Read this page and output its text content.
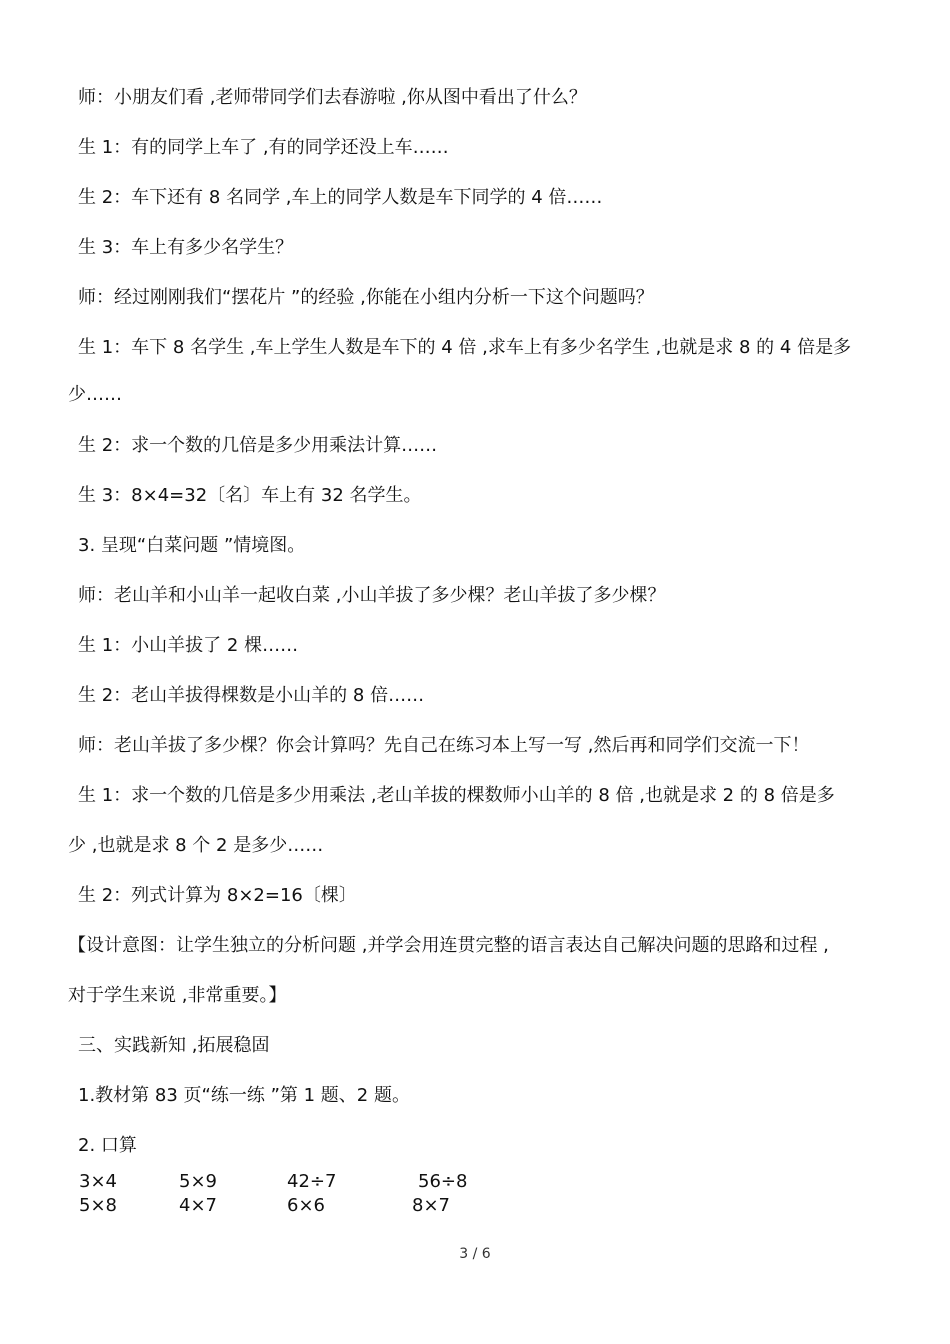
师：小朋友们看 ,老师带同学们去春游啦 ,你从图中看出了什么？
生 1：有的同学上车了 ,有的同学还没上车……
生 2：车下还有 8 名同学 ,车上的同学人数是车下同学的 4 倍……
生 3：车上有多少名学生？
师：经过刚刚我们“摆花片 ”的经验 ,你能在小组内分析一下这个问题吗？
生 1：车下 8 名学生 ,车上学生人数是车下的 4 倍 ,求车上有多少名学生 ,也就是求 8 的 4 倍是多
少……
生 2：求一个数的几倍是多少用乘法计算……
生 3：8×4=32〔名〕车上有 32 名学生。
3. 呈现“白菜问题 ”情境图。
师：老山羊和小山羊一起收白菜 ,小山羊拔了多少棵？老山羊拔了多少棵？
生 1：小山羊拔了 2 棵……
生 2：老山羊拔得棵数是小山羊的 8 倍……
师：老山羊拔了多少棵？你会计算吗？先自己在练习本上写一写 ,然后再和同学们交流一下！
生 1：求一个数的几倍是多少用乘法 ,老山羊拔的棵数师小山羊的 8 倍 ,也就是求 2 的 8 倍是多
少 ,也就是求 8 个 2 是多少……
生 2：列式计算为 8×2=16〔棵〕
【设计意图：让学生独立的分析问题 ,并学会用连贯完整的语言表达自己解决问题的思路和过程 ,
对于学生来说 ,非常重要。】
三、实践新知 ,拓展稳固
1.教材第 83 页“练一练 ”第 1 题、2 题。
2. 口算
3×4	5×9	42÷7	56÷8
5×8	4×7	6×6	8×7
3 / 6
